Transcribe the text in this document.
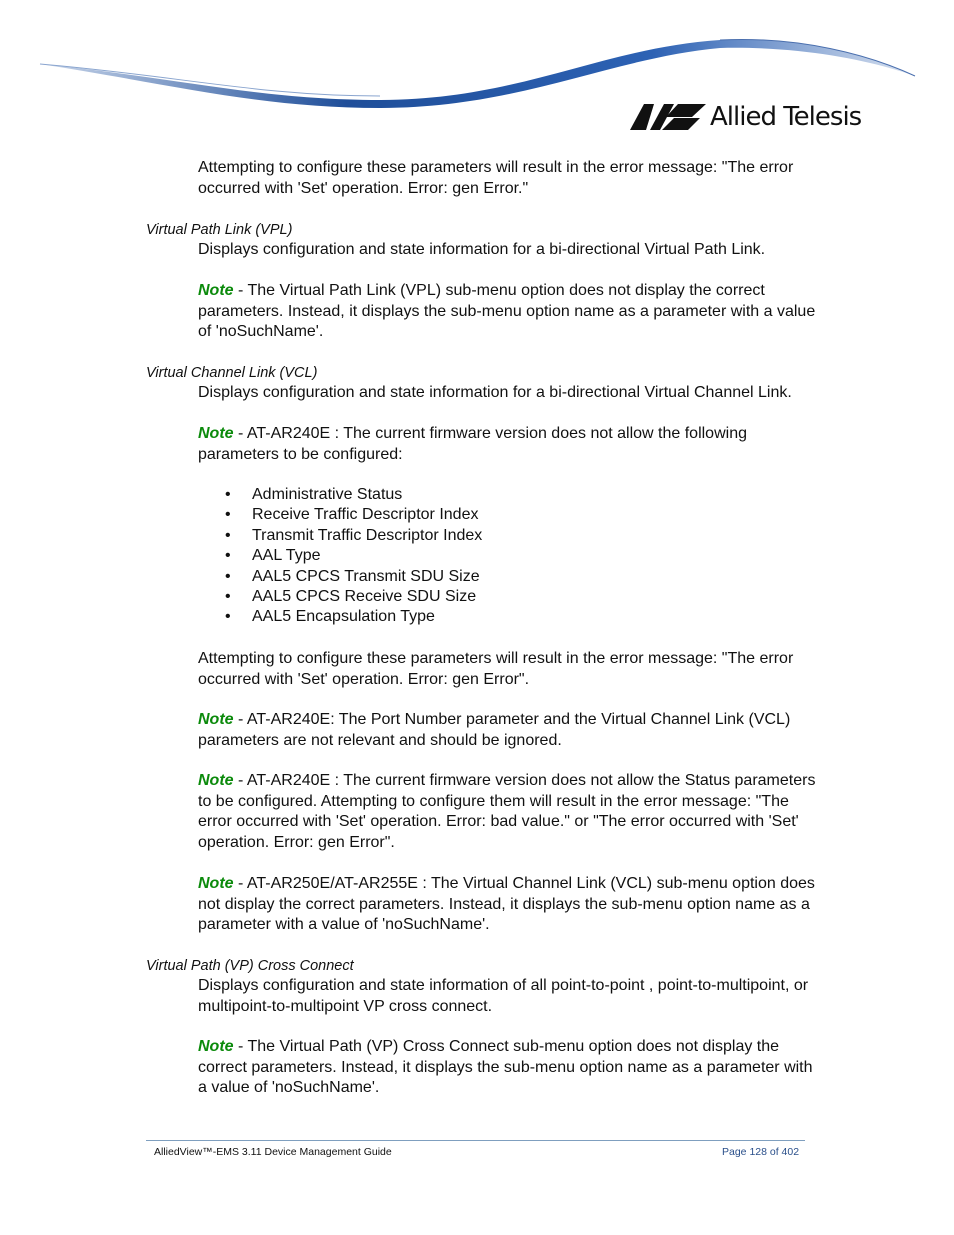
Allied Telesis

Attempting to configure these parameters will result in the error message: "The error occurred with 'Set' operation. Error: gen Error."

Virtual Path Link (VPL)

Displays configuration and state information for a bi-directional Virtual Path Link.

Note - The Virtual Path Link (VPL) sub-menu option does not display the correct parameters. Instead, it displays the sub-menu option name as a parameter with a value of 'noSuchName'.

Virtual Channel Link (VCL)

Displays configuration and state information for a bi-directional Virtual Channel Link.

Note - AT-AR240E : The current firmware version does not allow the following parameters to be configured:

• Administrative Status
• Receive Traffic Descriptor Index
• Transmit Traffic Descriptor Index
• AAL Type
• AAL5 CPCS Transmit SDU Size
• AAL5 CPCS Receive SDU Size
• AAL5 Encapsulation Type

Attempting to configure these parameters will result in the error message: "The error occurred with 'Set' operation. Error: gen Error".

Note - AT-AR240E: The Port Number parameter and the Virtual Channel Link (VCL) parameters are not relevant and should be ignored.

Note - AT-AR240E : The current firmware version does not allow the Status parameters to be configured. Attempting to configure them will result in the error message: "The error occurred with 'Set' operation. Error: bad value." or "The error occurred with 'Set' operation. Error: gen Error".

Note - AT-AR250E/AT-AR255E : The Virtual Channel Link (VCL) sub-menu option does not display the correct parameters. Instead, it displays the sub-menu option name as a parameter with a value of 'noSuchName'.

Virtual Path (VP) Cross Connect

Displays configuration and state information of all point-to-point , point-to-multipoint, or multipoint-to-multipoint VP cross connect.

Note - The Virtual Path (VP) Cross Connect sub-menu option does not display the correct parameters. Instead, it displays the sub-menu option name as a parameter with a value of 'noSuchName'.

AlliedView™-EMS 3.11 Device Management Guide	Page 128 of 402
